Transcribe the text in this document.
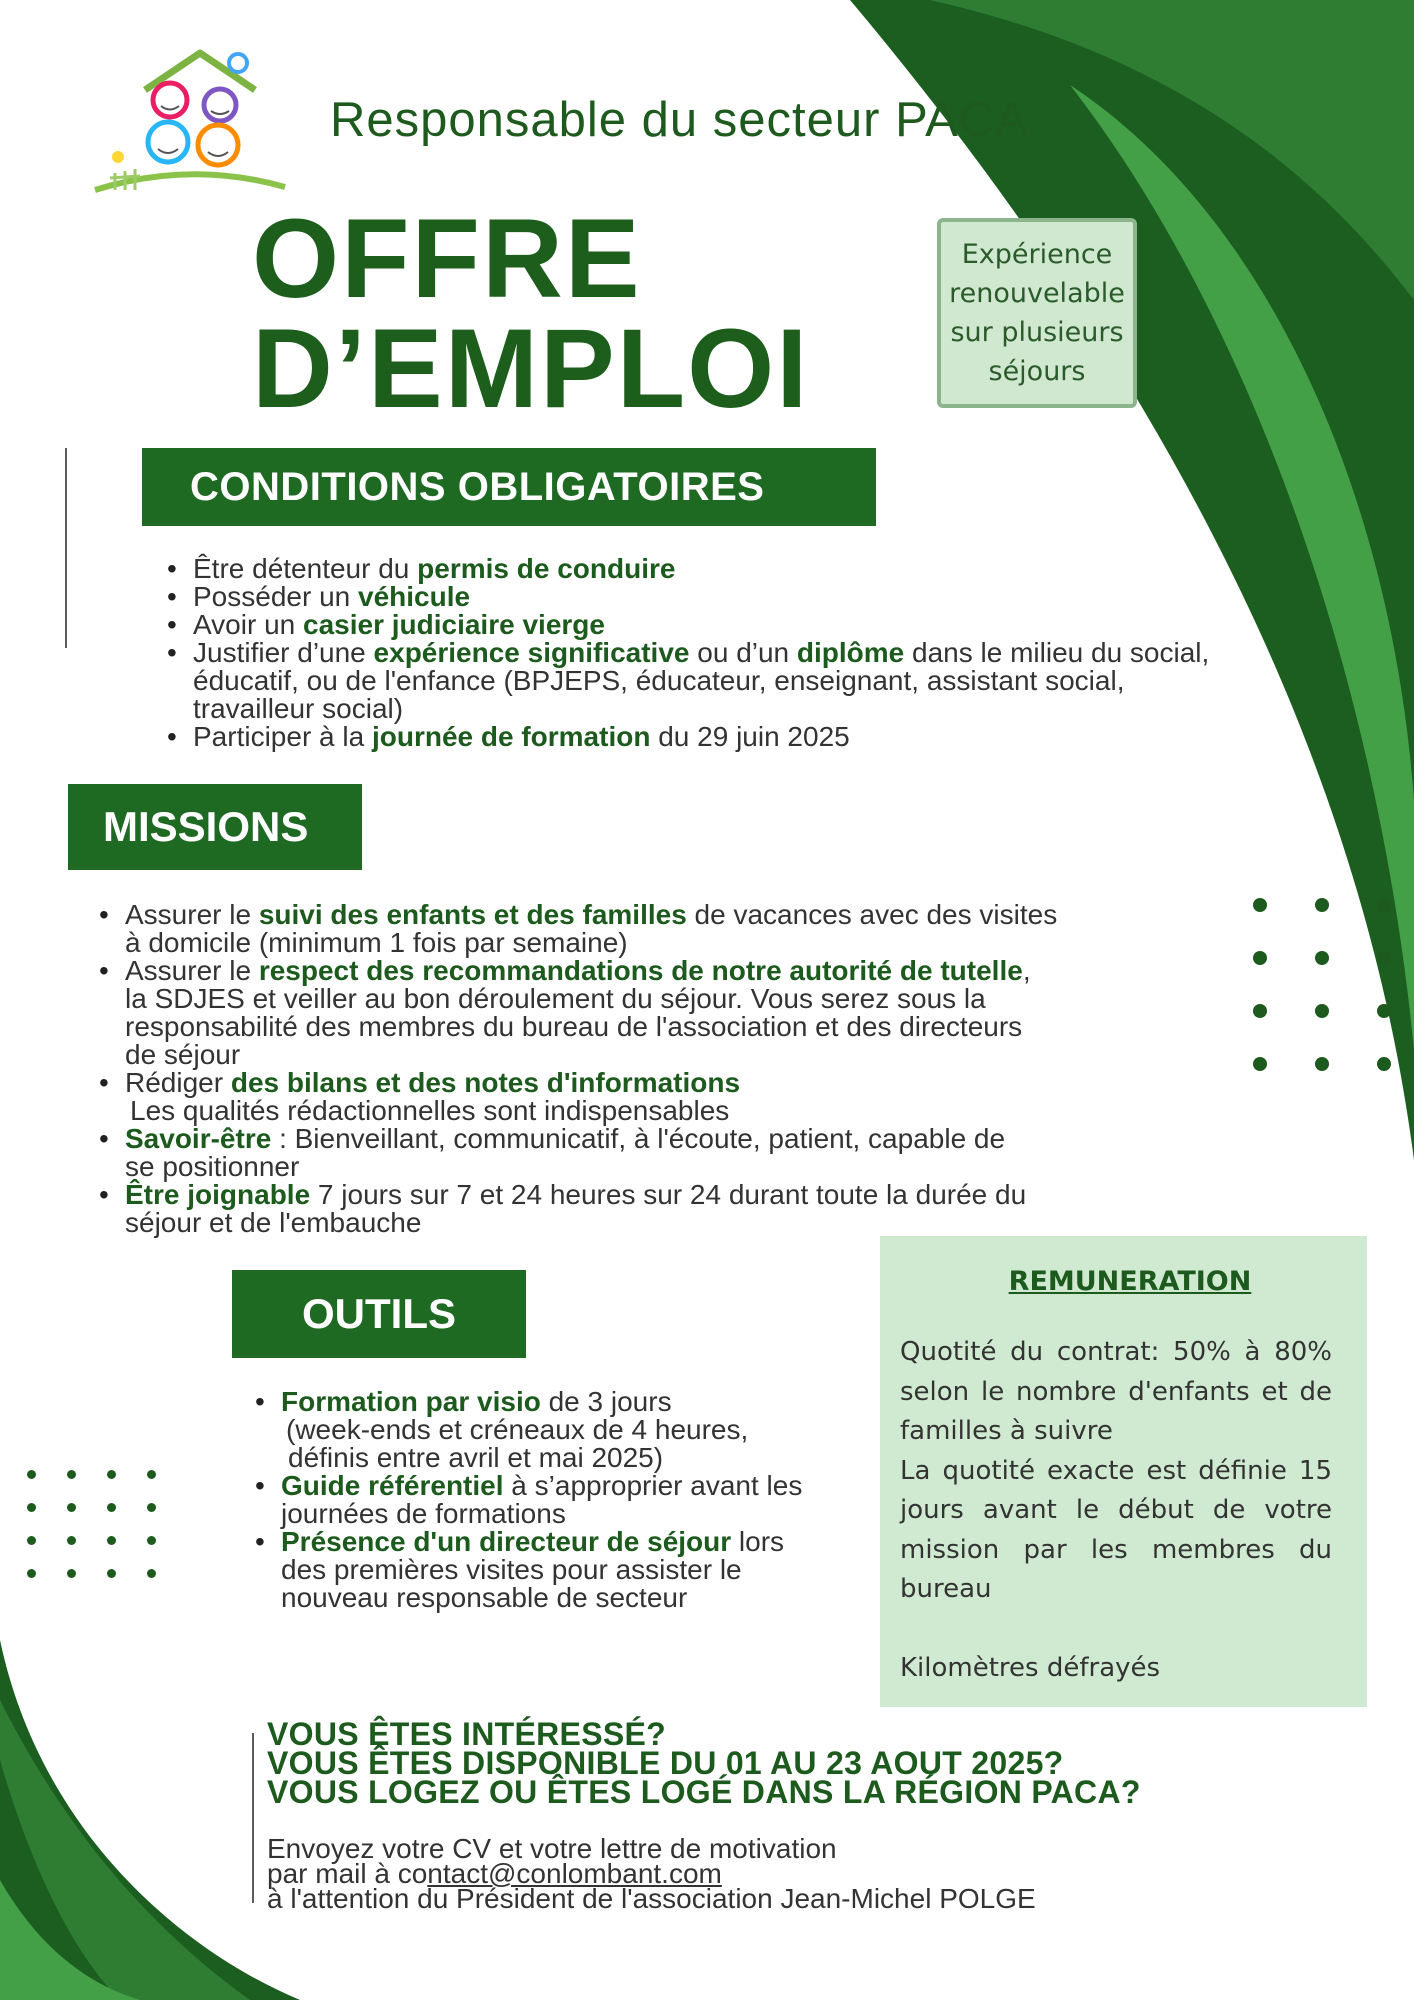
Responsable du secteur PACA
OFFRE
D’EMPLOI
Expérience
renouvelable
sur plusieurs
séjours
CONDITIONS OBLIGATOIRES
• Être détenteur du permis de conduire
• Posséder un véhicule
• Avoir un casier judiciaire vierge
• Justifier d’une expérience significative ou d’un diplôme dans le milieu du social,
éducatif, ou de l'enfance (BPJEPS, éducateur, enseignant, assistant social,
travailleur social)
• Participer à la journée de formation du 29 juin 2025
MISSIONS
• Assurer le suivi des enfants et des familles de vacances avec des visites
à domicile (minimum 1 fois par semaine)
• Assurer le respect des recommandations de notre autorité de tutelle,
la SDJES et veiller au bon déroulement du séjour. Vous serez sous la
responsabilité des membres du bureau de l'association et des directeurs
de séjour
• Rédiger des bilans et des notes d'informations
Les qualités rédactionnelles sont indispensables
• Savoir-être : Bienveillant, communicatif, à l'écoute, patient, capable de
se positionner
• Être joignable 7 jours sur 7 et 24 heures sur 24 durant toute la durée du
séjour et de l'embauche
OUTILS
• Formation par visio de 3 jours
(week-ends et créneaux de 4 heures,
définis entre avril et mai 2025)
• Guide référentiel à s’approprier avant les
journées de formations
• Présence d'un directeur de séjour lors
des premières visites pour assister le
nouveau responsable de secteur
REMUNERATION

Quotité du contrat: 50% à 80% selon le nombre d'enfants et de familles à suivre

La quotité exacte est définie 15 jours avant le début de votre mission par les membres du bureau

Kilomètres défrayés

VOUS ÊTES INTÉRESSÉ?
VOUS ÊTES DISPONIBLE DU 01 AU 23 AOUT 2025?
VOUS LOGEZ OU ÊTES LOGÉ DANS LA RÉGION PACA?
Envoyez votre CV et votre lettre de motivation
par mail à contact@conlombant.com
à l'attention du Président de l'association Jean-Michel POLGE
